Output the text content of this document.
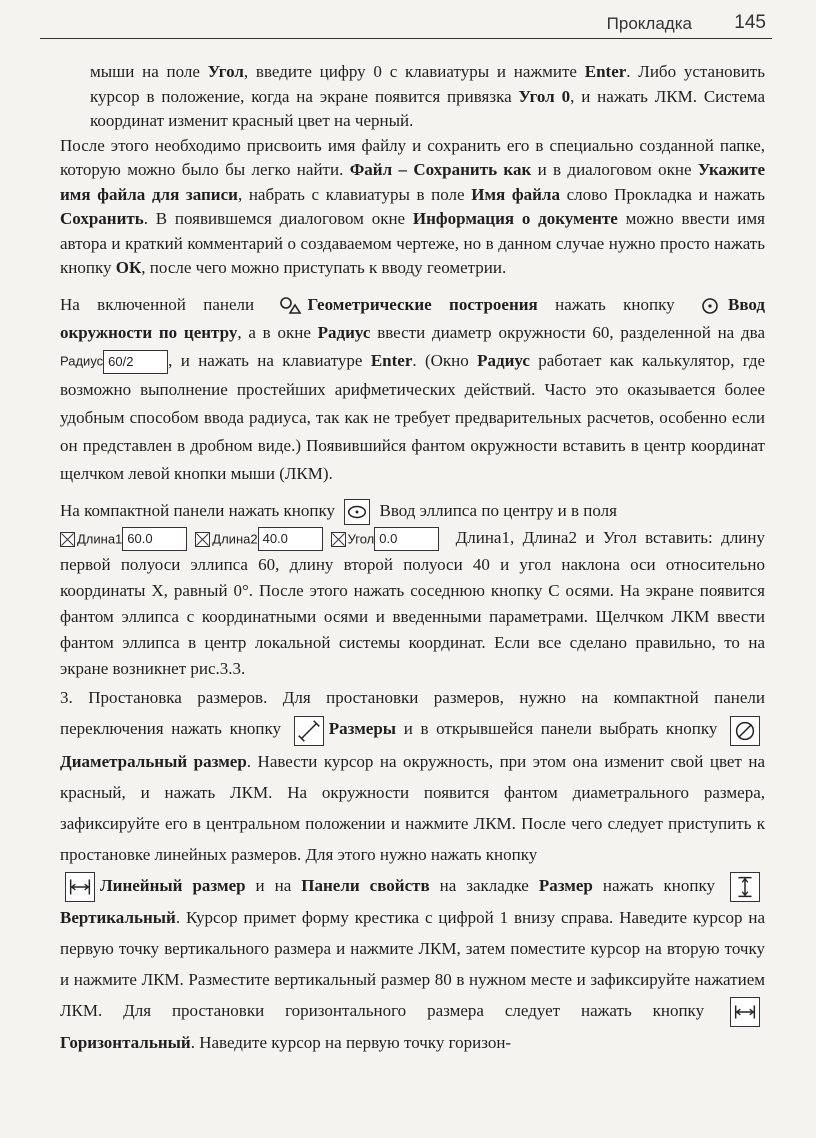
Прокладка 145

мыши на поле Угол, введите цифру 0 с клавиатуры и нажмите Enter. Либо установить курсор в положение, когда на экране появится привязка Угол 0, и нажать ЛКМ. Система координат изменит красный цвет на черный.

После этого необходимо присвоить имя файлу и сохранить его в специально созданной папке, которую можно было бы легко найти. Файл – Сохранить как и в диалоговом окне Укажите имя файла для записи, набрать с клавиатуры в поле Имя файла слово Прокладка и нажать Сохранить. В появившемся диалоговом окне Информация о документе можно ввести имя автора и краткий комментарий о создаваемом чертеже, но в данном случае нужно просто нажать кнопку ОК, после чего можно приступать к вводу геометрии.

На включенной панели
Геометрические построения нажать кнопку
Ввод окружности по центру, а в окне Радиус ввести диаметр окружности 60, разделенной на два Радиус 60/2 , и нажать на клавиатуре Enter. (Окно Радиус работает как калькулятор, где возможно выполнение простейших арифметических действий. Часто это оказывается более удобным способом ввода радиуса, так как не требует предварительных расчетов, особенно если он представлен в дробном виде.) Появившийся фантом окружности вставить в центр координат щелчком левой кнопки мыши (ЛКМ).

На компактной панели нажать кнопку
Ввод эллипса по центру и в поля
Длина1 60.0	Длина2 40.0	Угол 0.0	Длина1, Длина2 и Угол вставить: длину первой полуоси эллипса 60, длину второй полуоси 40 и угол наклона оси относительно координаты X, равный 0°. После этого нажать соседнюю кнопку С осями. На экране появится фантом эллипса с координатными осями и введенными параметрами. Щелчком ЛКМ ввести фантом эллипса в центр локальной системы координат. Если все сделано правильно, то на экране возникнет рис.3.3.

3. Простановка размеров. Для простановки размеров, нужно на компактной панели переключения нажать кнопку
Размеры и в открывшейся панели выбрать кнопку
Диаметральный размер. Навести курсор на окружность, при этом она изменит свой цвет на красный, и нажать ЛКМ. На окружности появится фантом диаметрального размера, зафиксируйте его в центральном положении и нажмите ЛКМ. После чего следует приступить к простановке линейных размеров. Для этого нужно нажать кнопку

Линейный размер и на Панели свойств на закладке Размер нажать кнопку
Вертикальный. Курсор примет форму крестика с цифрой 1 внизу справа. Наведите курсор на первую точку вертикального размера и нажмите ЛКМ, затем поместите курсор на вторую точку и нажмите ЛКМ. Разместите вертикальный размер 80 в нужном месте и зафиксируйте нажатием ЛКМ. Для простановки горизонтального размера следует нажать кнопку
Горизонтальный. Наведите курсор на первую точку горизон-
